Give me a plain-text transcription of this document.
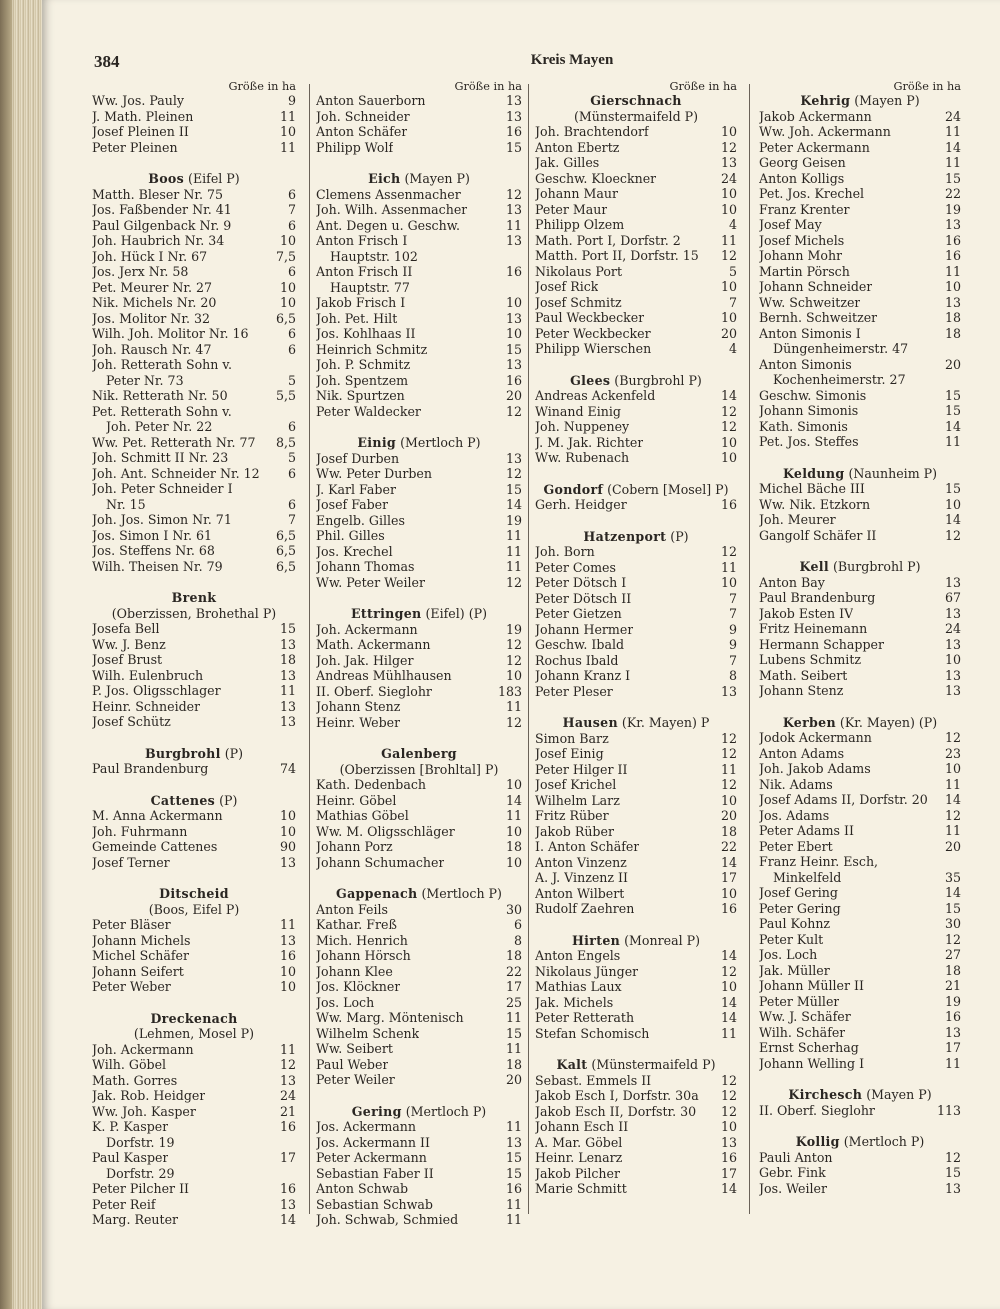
384	Kreis Mayen
Größe in ha
Ww. Jos. Pauly	9
J. Math. Pleinen	11
Josef Pleinen II	10
Peter Pleinen	11
Boos (Eifel P)
Matth. Bleser Nr. 75	6
Jos. Faßbender Nr. 41	7
Paul Gilgenback Nr. 9	6
Joh. Haubrich Nr. 34	10
Joh. Hück I Nr. 67	7,5
Jos. Jerx Nr. 58	6
Pet. Meurer Nr. 27	10
Nik. Michels Nr. 20	10
Jos. Molitor Nr. 32	6,5
Wilh. Joh. Molitor Nr. 16	6
Joh. Rausch Nr. 47	6
Joh. Retterath Sohn v.
Peter Nr. 73	5
Nik. Retterath Nr. 50	5,5
Pet. Retterath Sohn v.
Joh. Peter Nr. 22	6
Ww. Pet. Retterath Nr. 77	8,5
Joh. Schmitt II Nr. 23	5
Joh. Ant. Schneider Nr. 12	6
Joh. Peter Schneider I
Nr. 15	6
Joh. Jos. Simon Nr. 71	7
Jos. Simon I Nr. 61	6,5
Jos. Steffens Nr. 68	6,5
Wilh. Theisen Nr. 79	6,5
Brenk
(Oberzissen, Brohethal P)
Josefa Bell	15
Ww. J. Benz	13
Josef Brust	18
Wilh. Eulenbruch	13
P. Jos. Oligsschlager	11
Heinr. Schneider	13
Josef Schütz	13
Burgbrohl (P)
Paul Brandenburg	74
Cattenes (P)
M. Anna Ackermann	10
Joh. Fuhrmann	10
Gemeinde Cattenes	90
Josef Terner	13
Ditscheid
(Boos, Eifel P)
Peter Bläser	11
Johann Michels	13
Michel Schäfer	16
Johann Seifert	10
Peter Weber	10
Dreckenach
(Lehmen, Mosel P)
Joh. Ackermann	11
Wilh. Göbel	12
Math. Gorres	13
Jak. Rob. Heidger	24
Ww. Joh. Kasper	21
K. P. Kasper	16
Dorfstr. 19
Paul Kasper	17
Dorfstr. 29
Peter Pilcher II	16
Peter Reif	13
Marg. Reuter	14
Größe in ha
Anton Sauerborn	13
Joh. Schneider	13
Anton Schäfer	16
Philipp Wolf	15
Eich (Mayen P)
Clemens Assenmacher	12
Joh. Wilh. Assenmacher	13
Ant. Degen u. Geschw.	11
Anton Frisch I	13
Hauptstr. 102
Anton Frisch II	16
Hauptstr. 77
Jakob Frisch I	10
Joh. Pet. Hilt	13
Jos. Kohlhaas II	10
Heinrich Schmitz	15
Joh. P. Schmitz	13
Joh. Spentzem	16
Nik. Spurtzen	20
Peter Waldecker	12
Einig (Mertloch P)
Josef Durben	13
Ww. Peter Durben	12
J. Karl Faber	15
Josef Faber	14
Engelb. Gilles	19
Phil. Gilles	11
Jos. Krechel	11
Johann Thomas	11
Ww. Peter Weiler	12
Ettringen (Eifel) (P)
Joh. Ackermann	19
Math. Ackermann	12
Joh. Jak. Hilger	12
Andreas Mühlhausen	10
II. Oberf. Sieglohr	183
Johann Stenz	11
Heinr. Weber	12
Galenberg
(Oberzissen [Brohltal] P)
Kath. Dedenbach	10
Heinr. Göbel	14
Mathias Göbel	11
Ww. M. Oligsschläger	10
Johann Porz	18
Johann Schumacher	10
Gappenach (Mertloch P)
Anton Feils	30
Kathar. Freß	6
Mich. Henrich	8
Johann Hörsch	18
Johann Klee	22
Jos. Klöckner	17
Jos. Loch	25
Ww. Marg. Möntenisch	11
Wilhelm Schenk	15
Ww. Seibert	11
Paul Weber	18
Peter Weiler	20
Gering (Mertloch P)
Jos. Ackermann	11
Jos. Ackermann II	13
Peter Ackermann	15
Sebastian Faber II	15
Anton Schwab	16
Sebastian Schwab	11
Joh. Schwab, Schmied	11
Größe in ha
Gierschnach
(Münstermaifeld P)
Joh. Brachtendorf	10
Anton Ebertz	12
Jak. Gilles	13
Geschw. Kloeckner	24
Johann Maur	10
Peter Maur	10
Philipp Olzem	4
Math. Port I, Dorfstr. 2	11
Matth. Port II, Dorfstr. 15	12
Nikolaus Port	5
Josef Rick	10
Josef Schmitz	7
Paul Weckbecker	10
Peter Weckbecker	20
Philipp Wierschen	4
Glees (Burgbrohl P)
Andreas Ackenfeld	14
Winand Einig	12
Joh. Nuppeney	12
J. M. Jak. Richter	10
Ww. Rubenach	10
Gondorf (Cobern [Mosel] P)
Gerh. Heidger	16
Hatzenport (P)
Joh. Born	12
Peter Comes	11
Peter Dötsch I	10
Peter Dötsch II	7
Peter Gietzen	7
Johann Hermer	9
Geschw. Ibald	9
Rochus Ibald	7
Johann Kranz I	8
Peter Pleser	13
Hausen (Kr. Mayen) P
Simon Barz	12
Josef Einig	12
Peter Hilger II	11
Josef Krichel	12
Wilhelm Larz	10
Fritz Rüber	20
Jakob Rüber	18
I. Anton Schäfer	22
Anton Vinzenz	14
A. J. Vinzenz II	17
Anton Wilbert	10
Rudolf Zaehren	16
Hirten (Monreal P)
Anton Engels	14
Nikolaus Jünger	12
Mathias Laux	10
Jak. Michels	14
Peter Retterath	14
Stefan Schomisch	11
Kalt (Münstermaifeld P)
Sebast. Emmels II	12
Jakob Esch I, Dorfstr. 30a	12
Jakob Esch II, Dorfstr. 30	12
Johann Esch II	10
A. Mar. Göbel	13
Heinr. Lenarz	16
Jakob Pilcher	17
Marie Schmitt	14
Größe in ha
Kehrig (Mayen P)
Jakob Ackermann	24
Ww. Joh. Ackermann	11
Peter Ackermann	14
Georg Geisen	11
Anton Kolligs	15
Pet. Jos. Krechel	22
Franz Krenter	19
Josef May	13
Josef Michels	16
Johann Mohr	16
Martin Pörsch	11
Johann Schneider	10
Ww. Schweitzer	13
Bernh. Schweitzer	18
Anton Simonis I	18
Düngenheimerstr. 47
Anton Simonis	20
Kochenheimerstr. 27
Geschw. Simonis	15
Johann Simonis	15
Kath. Simonis	14
Pet. Jos. Steffes	11
Keldung (Naunheim P)
Michel Bäche III	15
Ww. Nik. Etzkorn	10
Joh. Meurer	14
Gangolf Schäfer II	12
Kell (Burgbrohl P)
Anton Bay	13
Paul Brandenburg	67
Jakob Esten IV	13
Fritz Heinemann	24
Hermann Schapper	13
Lubens Schmitz	10
Math. Seibert	13
Johann Stenz	13
Kerben (Kr. Mayen) (P)
Jodok Ackermann	12
Anton Adams	23
Joh. Jakob Adams	10
Nik. Adams	11
Josef Adams II, Dorfstr. 20	14
Jos. Adams	12
Peter Adams II	11
Peter Ebert	20
Franz Heinr. Esch,
Minkelfeld	35
Josef Gering	14
Peter Gering	15
Paul Kohnz	30
Peter Kult	12
Jos. Loch	27
Jak. Müller	18
Johann Müller II	21
Peter Müller	19
Ww. J. Schäfer	16
Wilh. Schäfer	13
Ernst Scherhag	17
Johann Welling I	11
Kirchesch (Mayen P)
II. Oberf. Sieglohr	113
Kollig (Mertloch P)
Pauli Anton	12
Gebr. Fink	15
Jos. Weiler	13
